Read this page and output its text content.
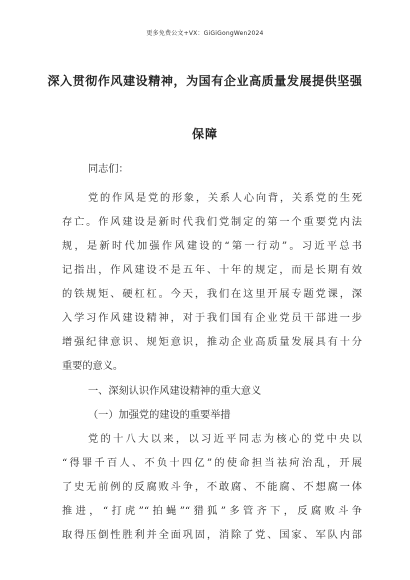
更多免费公文+VX：GiGiGongWen2024
深入贯彻作风建设精神，为国有企业高质量发展提供坚强
保障
同志们：
党的作风是党的形象，关系人心向背，关系党的生死
存亡。作风建设是新时代我们党制定的第一个重要党内法
规，是新时代加强作风建设的“第一行动”。习近平总书
记指出，作风建设不是五年、十年的规定，而是长期有效
的铁规矩、硬杠杠。今天，我们在这里开展专题党课，深
入学习作风建设精神，对于我们国有企业党员干部进一步
增强纪律意识、规矩意识，推动企业高质量发展具有十分
重要的意义。
一、深刻认识作风建设精神的重大意义
（一）加强党的建设的重要举措
党的十八大以来，以习近平同志为核心的党中央以
“得罪千百人、不负十四亿”的使命担当祛疴治乱，开展
了史无前例的反腐败斗争，不敢腐、不能腐、不想腐一体
推进，“打虎”“拍蝇”“猎狐”多管齐下，反腐败斗争
取得压倒性胜利并全面巩固，消除了党、国家、军队内部
